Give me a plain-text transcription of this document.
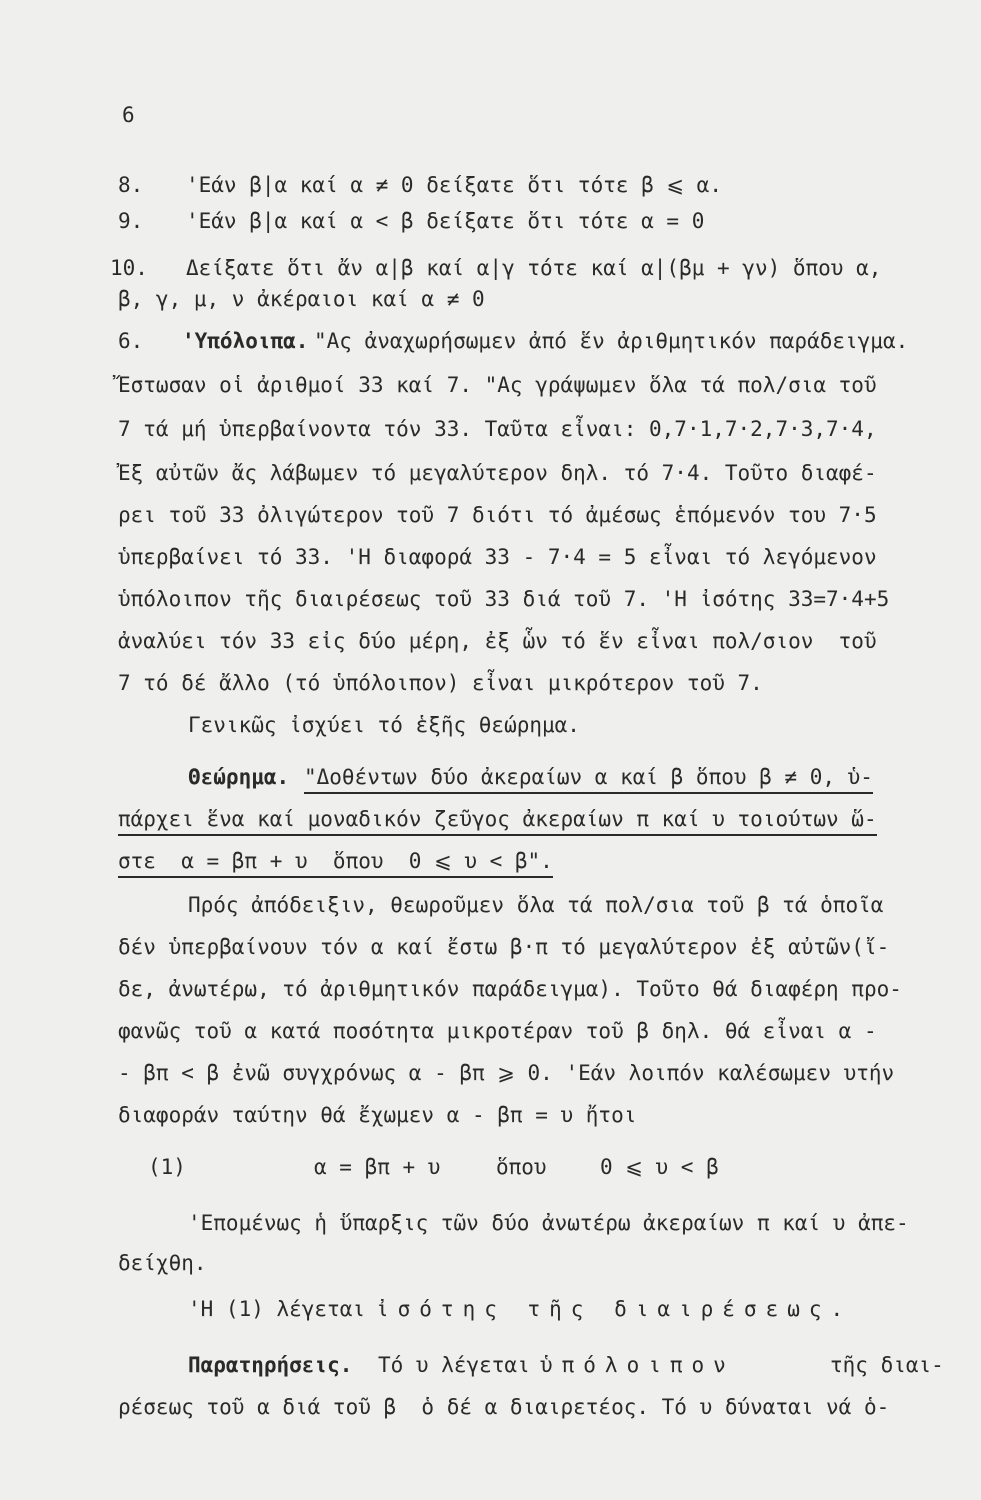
6
8. 'Εάν β|α καί α ≠ 0 δείξατε ὅτι τότε β ⩽ α.
9. 'Εάν β|α καί α < β δείξατε ὅτι τότε α = 0
10. Δείξατε ὅτι ἄν α|β καί α|γ τότε καί α|(βμ + γν) ὅπου α,
β, γ, μ, ν ἀκέραιοι καί α ≠ 0
6. 'Υπόλοιπα. "Ας ἀναχωρήσωμεν ἀπό ἕν ἀριθμητικόν παράδειγμα.
Ἔστωσαν οἱ ἀριθμοί 33 καί 7. "Ας γράψωμεν ὅλα τά πολ/σια τοῦ
7 τά μή ὑπερβαίνοντα τόν 33. Ταῦτα εἶναι: 0,7·1,7·2,7·3,7·4,
Ἐξ αὐτῶν ἄς λάβωμεν τό μεγαλύτερον δηλ. τό 7·4. Τοῦτο διαφέ-
ρει τοῦ 33 ὀλιγώτερον τοῦ 7 διότι τό ἀμέσως ἑπόμενόν του 7·5
ὑπερβαίνει τό 33. 'Η διαφορά 33 - 7·4 = 5 εἶναι τό λεγόμενον
ὑπόλοιπον τῆς διαιρέσεως τοῦ 33 διά τοῦ 7. 'Η ἰσότης 33=7·4+5
ἀναλύει τόν 33 εἰς δύο μέρη, ἐξ ὧν τό ἕν εἶναι πολ/σιον  τοῦ
7 τό δέ ἄλλο (τό ὑπόλοιπον) εἶναι μικρότερον τοῦ 7.
Γενικῶς ἰσχύει τό ἑξῆς θεώρημα.
Θεώρημα. "Δοθέντων δύο ἀκεραίων α καί β ὅπου β ≠ 0, ὑ-
πάρχει ἕνα καί μοναδικόν ζεῦγος ἀκεραίων π καί υ τοιούτων ὥ-
στε  α = βπ + υ  ὅπου  0 ⩽ υ < β".
Πρός ἀπόδειξιν, θεωροῦμεν ὅλα τά πολ/σια τοῦ β τά ὁποῖα
δέν ὑπερβαίνουν τόν α καί ἔστω β·π τό μεγαλύτερον ἐξ αὐτῶν(ἴ-
δε, ἀνωτέρω, τό ἀριθμητικόν παράδειγμα). Τοῦτο θά διαφέρη προ-
φανῶς τοῦ α κατά ποσότητα μικροτέραν τοῦ β δηλ. θά εἶναι α -
- βπ < β ἐνῶ συγχρόνως α - βπ ⩾ 0. 'Εάν λοιπόν καλέσωμεν υτήν
διαφοράν ταύτην θά ἔχωμεν α - βπ = υ ἤτοι
(1)	α = βπ + υ	ὅπου	0 ⩽ υ < β
'Επομένως ἡ ὕπαρξις τῶν δύο ἀνωτέρω ἀκεραίων π καί υ ἀπε-
δείχθη.
'Η (1) λέγεται ἰσότης τῆς διαιρέσεως.
Παρατηρήσεις. Τό υ λέγεται ὑπόλοιπον	τῆς διαι-
ρέσεως τοῦ α διά τοῦ β  ὁ δέ α διαιρετέος. Τό υ δύναται νά ὁ-
